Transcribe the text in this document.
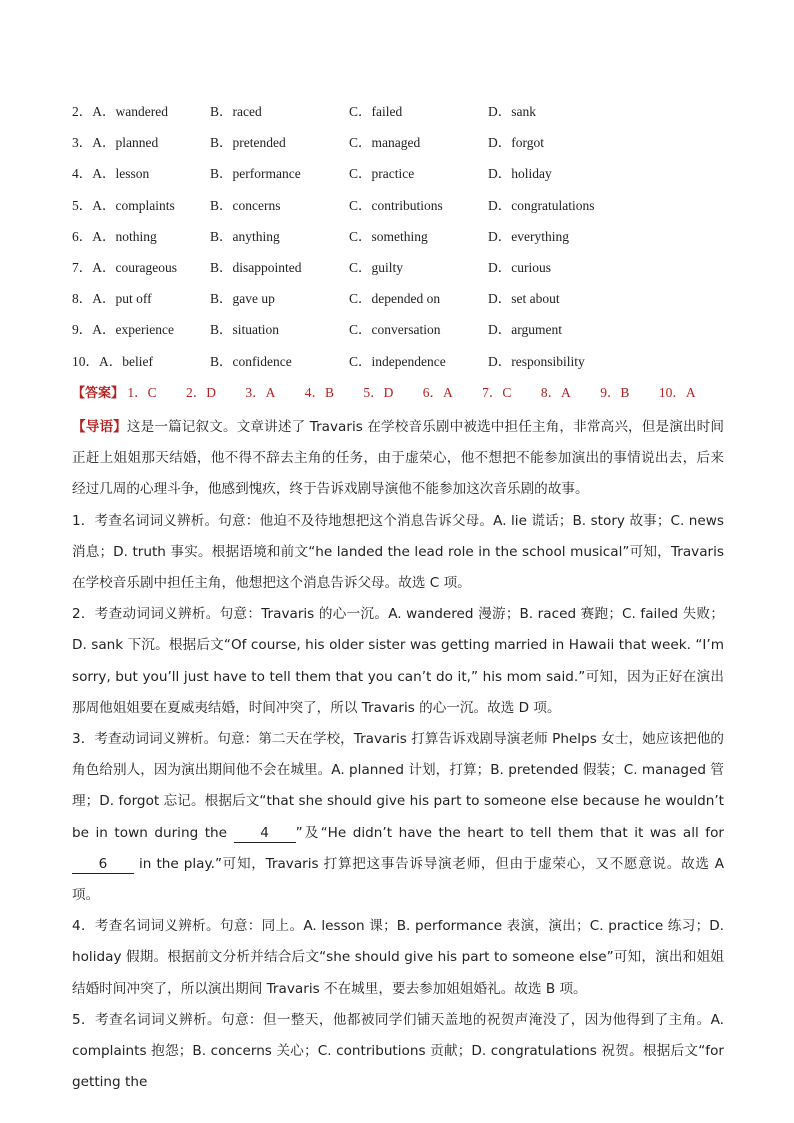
2．A．wandered	B．raced	C．failed	D．sank
3．A．planned	B．pretended	C．managed	D．forgot
4．A．lesson	B．performance	C．practice	D．holiday
5．A．complaints	B．concerns	C．contributions	D．congratulations
6．A．nothing	B．anything	C．something	D．everything
7．A．courageous B．disappointed	C．guilty	D．curious
8．A．put off	B．gave up	C．depended on	D．set about
9．A．experience	B．situation	C．conversation	D．argument
10．A．belief	B．confidence	C．independence	D．responsibility
【答案】 1．C 2．D 3．A 4．B 5．D 6．A 7．C 8．A 9．B 10．A

【导语】这是一篇记叙文。文章讲述了 Travaris 在学校音乐剧中被选中担任主角，非常高兴，但是演出时间正赶上姐姐那天结婚，他不得不辞去主角的任务，由于虚荣心，他不想把不能参加演出的事情说出去，后来经过几周的心理斗争，他感到愧疚，终于告诉戏剧导演他不能参加这次音乐剧的故事。

1．考查名词词义辨析。句意：他迫不及待地想把这个消息告诉父母。A. lie 谎话；B. story 故事；C. news 消息；D. truth 事实。根据语境和前文“he landed the lead role in the school musical”可知，Travaris 在学校音乐剧中担任主角，他想把这个消息告诉父母。故选 C 项。

2．考查动词词义辨析。句意：Travaris 的心一沉。A. wandered 漫游；B. raced 赛跑；C. failed 失败；D. sank 下沉。根据后文“Of course, his older sister was getting married in Hawaii that week. “I’m sorry, but you’ll just have to tell them that you can’t do it,” his mom said.”可知，因为正好在演出那周他姐姐要在夏威夷结婚，时间冲突了，所以 Travaris 的心一沉。故选 D 项。

3．考查动词词义辨析。句意：第二天在学校，Travaris 打算告诉戏剧导演老师 Phelps 女士，她应该把他的角色给别人，因为演出期间他不会在城里。A. planned 计划，打算；B. pretended 假装；C. managed 管理；D. forgot 忘记。根据后文“that she should give his part to someone else because he wouldn’t be in town during the 4 ”及“He didn’t have the heart to tell them that it was all for 6 in the play.”可知，Travaris 打算把这事告诉导演老师，但由于虚荣心，又不愿意说。故选 A 项。

4．考查名词词义辨析。句意：同上。A. lesson 课；B. performance 表演，演出；C. practice 练习；D. holiday 假期。根据前文分析并结合后文“she should give his part to someone else”可知，演出和姐姐结婚时间冲突了，所以演出期间 Travaris 不在城里，要去参加姐姐婚礼。故选 B 项。

5．考查名词词义辨析。句意：但一整天，他都被同学们铺天盖地的祝贺声淹没了，因为他得到了主角。A. complaints 抱怨；B. concerns 关心；C. contributions 贡献；D. congratulations 祝贺。根据后文“for getting the
